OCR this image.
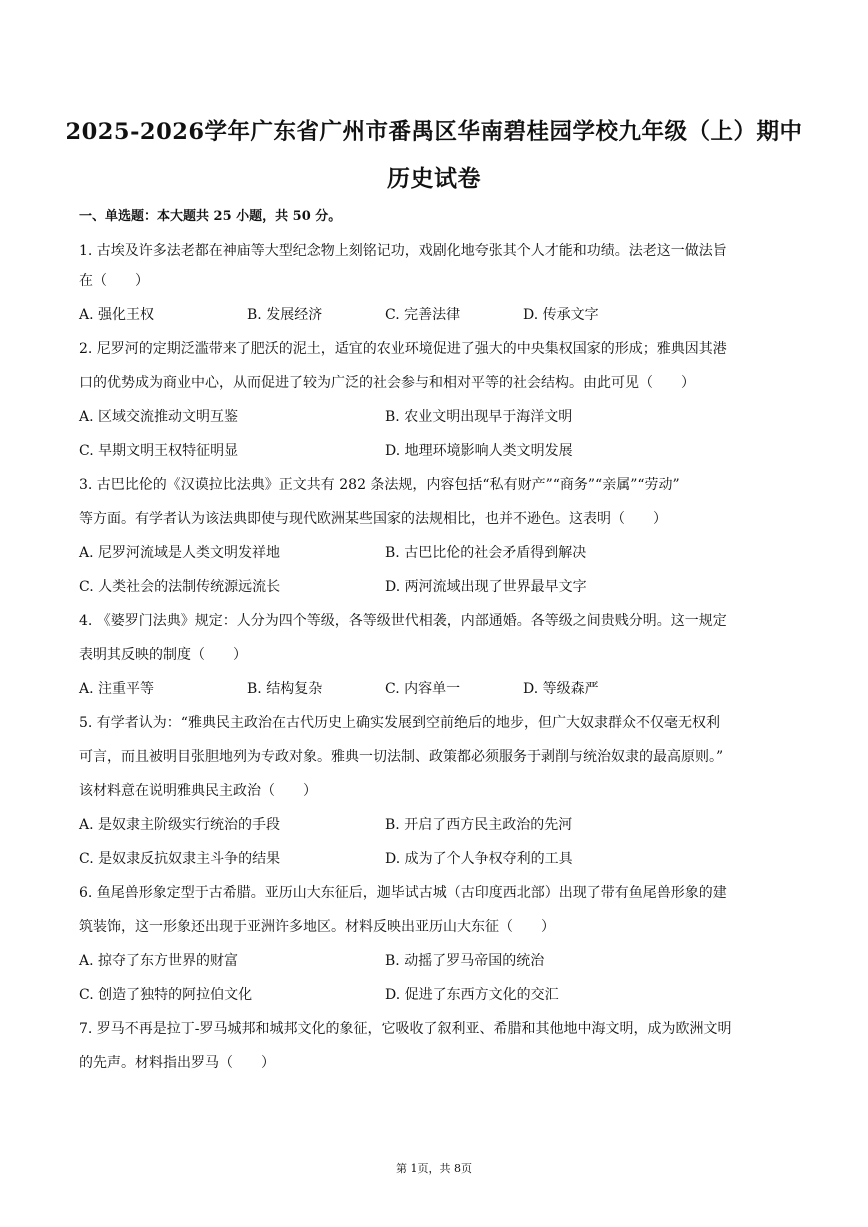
2025-2026学年广东省广州市番禺区华南碧桂园学校九年级（上）期中
历史试卷
一、单选题：本大题共 25 小题，共 50 分。
1. 古埃及许多法老都在神庙等大型纪念物上刻铭记功，戏剧化地夸张其个人才能和功绩。法老这一做法旨
在（　　）
A. 强化王权	B. 发展经济	C. 完善法律	D. 传承文字
2. 尼罗河的定期泛滥带来了肥沃的泥土，适宜的农业环境促进了强大的中央集权国家的形成；雅典因其港
口的优势成为商业中心，从而促进了较为广泛的社会参与和相对平等的社会结构。由此可见（　　）
A. 区域交流推动文明互鉴	B. 农业文明出现早于海洋文明
C. 早期文明王权特征明显	D. 地理环境影响人类文明发展
3. 古巴比伦的《汉谟拉比法典》正文共有 282 条法规，内容包括“私有财产”“商务”“亲属”“劳动”
等方面。有学者认为该法典即使与现代欧洲某些国家的法规相比，也并不逊色。这表明（　　）
A. 尼罗河流域是人类文明发祥地	B. 古巴比伦的社会矛盾得到解决
C. 人类社会的法制传统源远流长	D. 两河流域出现了世界最早文字
4. 《婆罗门法典》规定：人分为四个等级，各等级世代相袭，内部通婚。各等级之间贵贱分明。这一规定
表明其反映的制度（　　）
A. 注重平等	B. 结构复杂	C. 内容单一	D. 等级森严
5. 有学者认为：“雅典民主政治在古代历史上确实发展到空前绝后的地步，但广大奴隶群众不仅毫无权利
可言，而且被明目张胆地列为专政对象。雅典一切法制、政策都必须服务于剥削与统治奴隶的最高原则。”
该材料意在说明雅典民主政治（　　）
A. 是奴隶主阶级实行统治的手段	B. 开启了西方民主政治的先河
C. 是奴隶反抗奴隶主斗争的结果	D. 成为了个人争权夺利的工具
6. 鱼尾兽形象定型于古希腊。亚历山大东征后，迦毕试古城（古印度西北部）出现了带有鱼尾兽形象的建
筑装饰，这一形象还出现于亚洲许多地区。材料反映出亚历山大东征（　　）
A. 掠夺了东方世界的财富	B. 动摇了罗马帝国的统治
C. 创造了独特的阿拉伯文化	D. 促进了东西方文化的交汇
7. 罗马不再是拉丁-罗马城邦和城邦文化的象征，它吸收了叙利亚、希腊和其他地中海文明，成为欧洲文明
的先声。材料指出罗马（　　）
第 1页，共 8页
